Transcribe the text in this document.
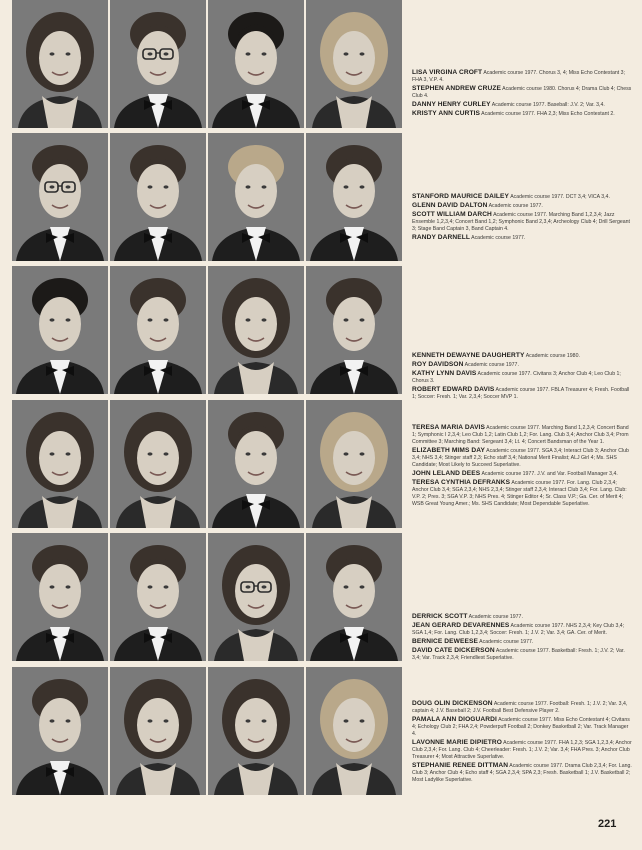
LISA VIRGINA CROFT Academic course 1977. Chorus 3, 4; Miss Echo Contestant 3; FHA 3, V.P. 4.
STEPHEN ANDREW CRUZE Academic course 1980. Chorus 4; Drama Club 4; Chess Club 4.
DANNY HENRY CURLEY Academic course 1977. Baseball: J.V. 2; Var. 3,4.
KRISTY ANN CURTIS Academic course 1977. FHA 2,3; Miss Echo Contestant 2.
STANFORD MAURICE DAILEY Academic course 1977. DCT 3,4; VICA 3,4.
GLENN DAVID DALTON Academic course 1977.
SCOTT WILLIAM DARCH Academic course 1977. Marching Band 1,2,3,4; Jazz Ensemble 1,2,3,4; Concert Band 1,2; Symphonic Band 2,3,4; Archeology Club 4; Drill Sergeant 3; Stage Band Captain 3, Band Captain 4.
RANDY DARNELL Academic course 1977.
KENNETH DEWAYNE DAUGHERTY Academic course 1980.
ROY DAVIDSON Academic course 1977.
KATHY LYNN DAVIS Academic course 1977. Civitans 3; Anchor Club 4; Leo Club 1; Chorus 3.
ROBERT EDWARD DAVIS Academic course 1977. FBLA Treasurer 4; Fresh. Football 1; Soccer: Fresh. 1; Var. 2,3,4; Soccer MVP 1.
TERESA MARIA DAVIS Academic course 1977. Marching Band 1,2,3,4; Concert Band 1; Symphonic I 2,3,4; Leo Club 1,2; Latin Club 1,2; For. Lang. Club 3,4; Anchor Club 3,4; Prom Committee 3; Marching Band: Sergeant 3,4; Lt. 4; Concert Bandsman of the Year 1.
ELIZABETH MIMS DAY Academic course 1977. SGA 3,4; Interact Club 3; Anchor Club 3,4; NHS 3,4; Stinger staff 2,3; Echo staff 3,4; National Merit Finalist; ALJ Girl 4; Ms. SHS Candidate; Most Likely to Succeed Superlative.
JOHN LELAND DEES Academic course 1977. J.V. and Var. Football Manager 3,4.
TERESA CYNTHIA DEFRANKS Academic course 1977. For. Lang. Club 2,3,4; Anchor Club 3,4; SGA 2,3,4; NHS 2,3,4; Stinger staff 2,3,4; Interact Club 3,4; For. Lang. Club: V.P. 2; Pres. 3; SGA V.P. 3; NHS Pres. 4; Stinger Editor 4; Sr. Class V.P.; Ga. Cer. of Merit 4; WSB Great Young Amer.; Ms. SHS Candidate; Most Dependable Superlative.
DERRICK SCOTT Academic course 1977.
JEAN GERARD DEVARENNES Academic course 1977. NHS 2,3,4; Key Club 3,4; SGA 1,4; For. Lang. Club 1,2,3,4; Soccer: Fresh. 1; J.V. 2; Var. 3,4; GA. Cer. of Merit.
BERNICE DEWEESE Academic course 1977.
DAVID CATE DICKERSON Academic course 1977. Basketball: Fresh. 1; J.V. 2; Var. 3,4; Var. Track 2,3,4; Friendliest Superlative.
DOUG OLIN DICKENSON Academic course 1977. Football: Fresh. 1; J.V. 2; Var. 3,4, captain 4; J.V. Baseball 2; J.V. Football Best Defensive Player 2.
PAMALA ANN DIOGUARDI Academic course 1977. Miss Echo Contestant 4; Civitans 4; Echology Club 2; FHA 2,4; Powderpuff Football 2; Donkey Basketball 2; Var. Track Manager 4.
LAVONNE MARIE DIPIETRO Academic course 1977. FHA 1,2,3; SGA 1,2,3,4; Anchor Club 2,3,4; For. Lang. Club 4; Cheerleader: Fresh. 1; J.V. 2; Var. 3,4; FHA Pres. 3; Anchor Club Treasurer 4; Most Attractive Superlative.
STEPHANIE RENEE DITTMAN Academic course 1977. Drama Club 2,3,4; For. Lang. Club 3; Anchor Club 4; Echo staff 4; SGA 2,3,4; SPA 2,3; Fresh. Basketball 1; J.V. Basketball 2; Most Ladylike Superlative.
221
